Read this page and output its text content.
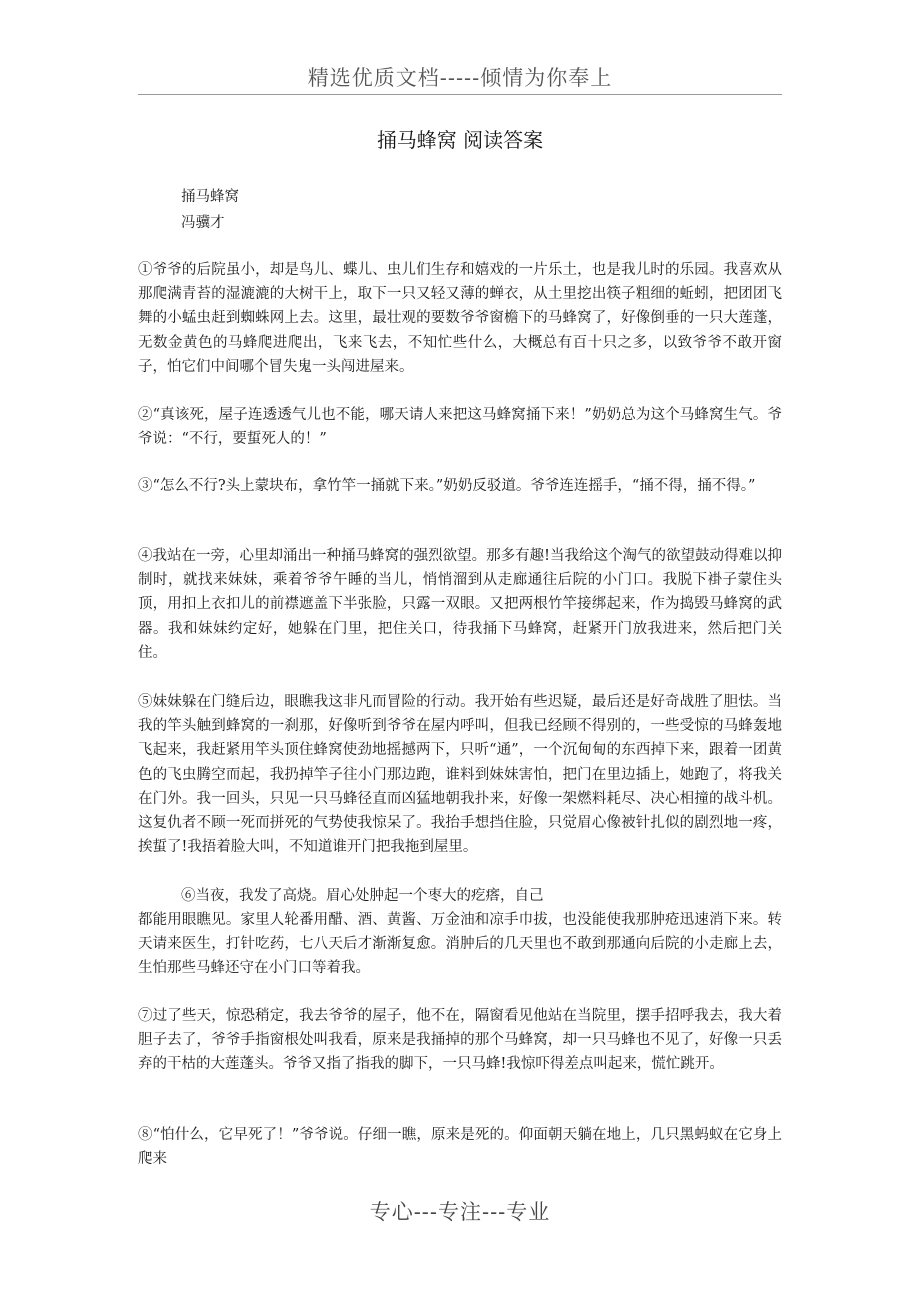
精选优质文档-----倾情为你奉上
捅马蜂窝 阅读答案
捅马蜂窝
冯骥才

①爷爷的后院虽小，却是鸟儿、蝶儿、虫儿们生存和嬉戏的一片乐土，也是我儿时的乐园。我喜欢从那爬满青苔的湿漉漉的大树干上，取下一只又轻又薄的蝉衣，从土里挖出筷子粗细的蚯蚓，把团团飞舞的小蜢虫赶到蜘蛛网上去。这里，最壮观的要数爷爷窗檐下的马蜂窝了，好像倒垂的一只大莲蓬，无数金黄色的马蜂爬进爬出，飞来飞去，不知忙些什么，大概总有百十只之多，以致爷爷不敢开窗子，怕它们中间哪个冒失鬼一头闯进屋来。

②“真该死，屋子连透透气儿也不能，哪天请人来把这马蜂窝捅下来！”奶奶总为这个马蜂窝生气。爷爷说：“不行，要蜇死人的！”

③“怎么不行?头上蒙块布，拿竹竿一捅就下来。”奶奶反驳道。爷爷连连摇手，“捅不得，捅不得。”

④我站在一旁，心里却涌出一种捅马蜂窝的强烈欲望。那多有趣!当我给这个淘气的欲望鼓动得难以抑制时，就找来妹妹，乘着爷爷午睡的当儿，悄悄溜到从走廊通往后院的小门口。我脱下褂子蒙住头顶，用扣上衣扣儿的前襟遮盖下半张脸，只露一双眼。又把两根竹竿接绑起来，作为捣毁马蜂窝的武器。我和妹妹约定好，她躲在门里，把住关口，待我捅下马蜂窝，赶紧开门放我进来，然后把门关住。

⑤妹妹躲在门缝后边，眼瞧我这非凡而冒险的行动。我开始有些迟疑，最后还是好奇战胜了胆怯。当我的竿头触到蜂窝的一刹那，好像听到爷爷在屋内呼叫，但我已经顾不得别的，一些受惊的马蜂轰地飞起来，我赶紧用竿头顶住蜂窝使劲地摇撼两下，只听“通”，一个沉甸甸的东西掉下来，跟着一团黄色的飞虫腾空而起，我扔掉竿子往小门那边跑，谁料到妹妹害怕，把门在里边插上，她跑了，将我关在门外。我一回头，只见一只马蜂径直而凶猛地朝我扑来，好像一架燃料耗尽、决心相撞的战斗机。这复仇者不顾一死而拼死的气势使我惊呆了。我抬手想挡住脸，只觉眉心像被针扎似的剧烈地一疼，挨蜇了!我捂着脸大叫，不知道谁开门把我拖到屋里。

⑥当夜，我发了高烧。眉心处肿起一个枣大的疙瘩，自己

都能用眼瞧见。家里人轮番用醋、酒、黄酱、万金油和凉手巾拔，也没能使我那肿疮迅速消下来。转天请来医生，打针吃药，七八天后才渐渐复愈。消肿后的几天里也不敢到那通向后院的小走廊上去，生怕那些马蜂还守在小门口等着我。

⑦过了些天，惊恐稍定，我去爷爷的屋子，他不在，隔窗看见他站在当院里，摆手招呼我去，我大着胆子去了，爷爷手指窗根处叫我看，原来是我捅掉的那个马蜂窝，却一只马蜂也不见了，好像一只丢弃的干枯的大莲蓬头。爷爷又指了指我的脚下，一只马蜂!我惊吓得差点叫起来，慌忙跳开。

⑧“怕什么，它早死了！”爷爷说。仔细一瞧，原来是死的。仰面朝天躺在地上，几只黑蚂蚁在它身上爬来

专心---专注---专业
